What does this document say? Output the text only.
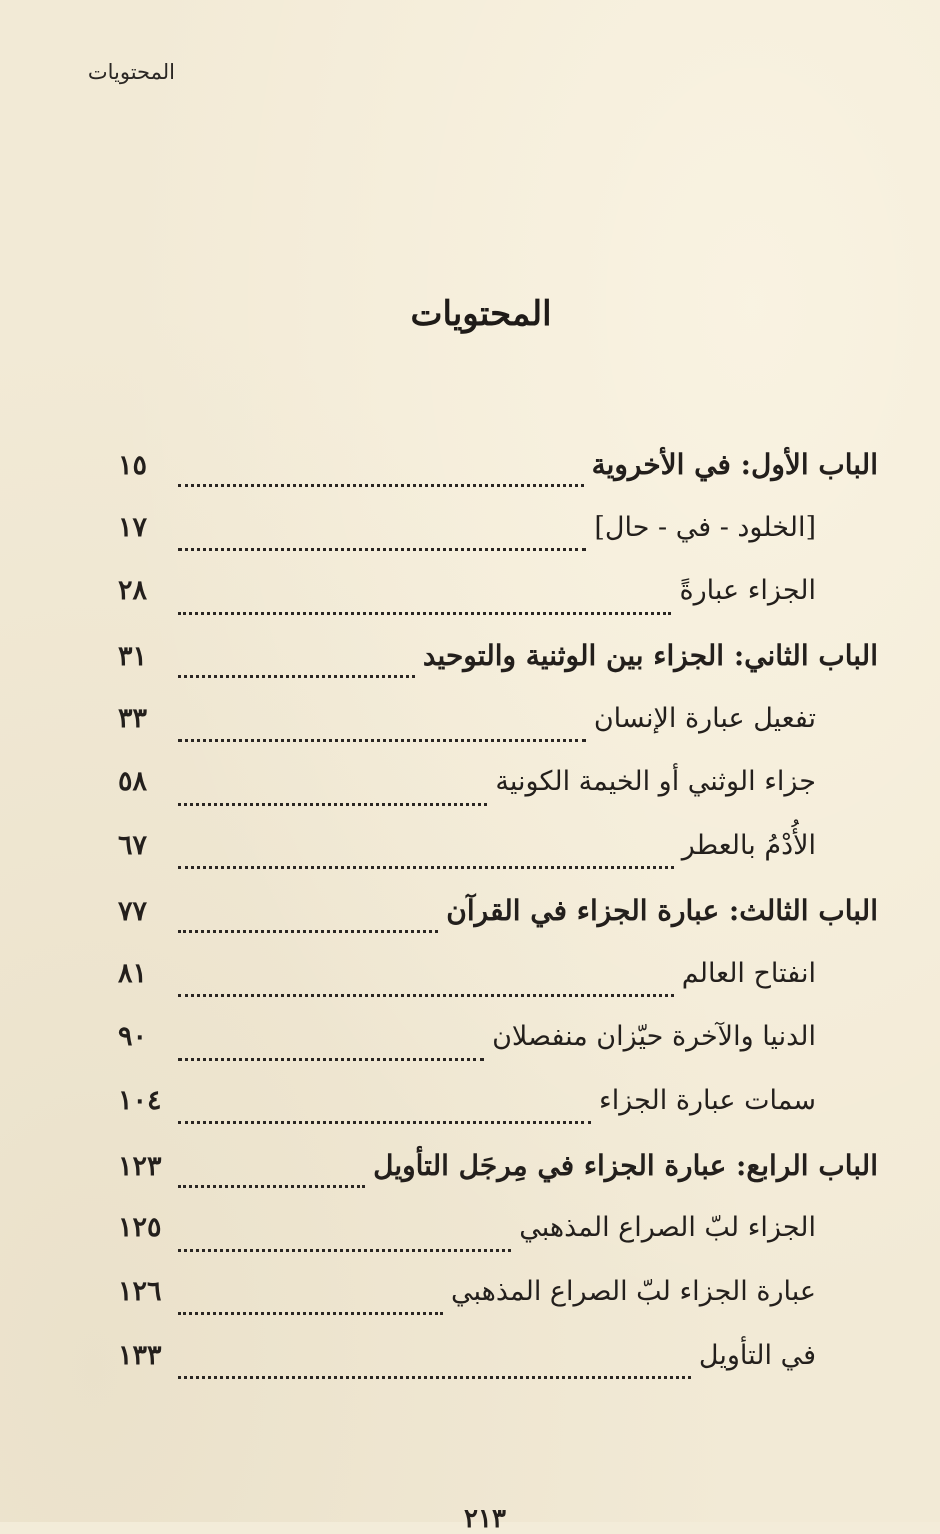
المحتويات
المحتويات
الباب الأول: في الأخروية
١٥
[الخلود - في - حال]
١٧
الجزاء عبارةً
٢٨
الباب الثاني: الجزاء بين الوثنية والتوحيد
٣١
تفعيل عبارة الإنسان
٣٣
جزاء الوثني أو الخيمة الكونية
٥٨
الأُدْمُ بالعطر
٦٧
الباب الثالث: عبارة الجزاء في القرآن
٧٧
انفتاح العالم
٨١
الدنيا والآخرة حيّزان منفصلان
٩٠
سمات عبارة الجزاء
١٠٤
الباب الرابع: عبارة الجزاء في مِرجَل التأويل
١٢٣
الجزاء لبّ الصراع المذهبي
١٢٥
عبارة الجزاء لبّ الصراع المذهبي
١٢٦
في التأويل
١٣٣
٢١٣
